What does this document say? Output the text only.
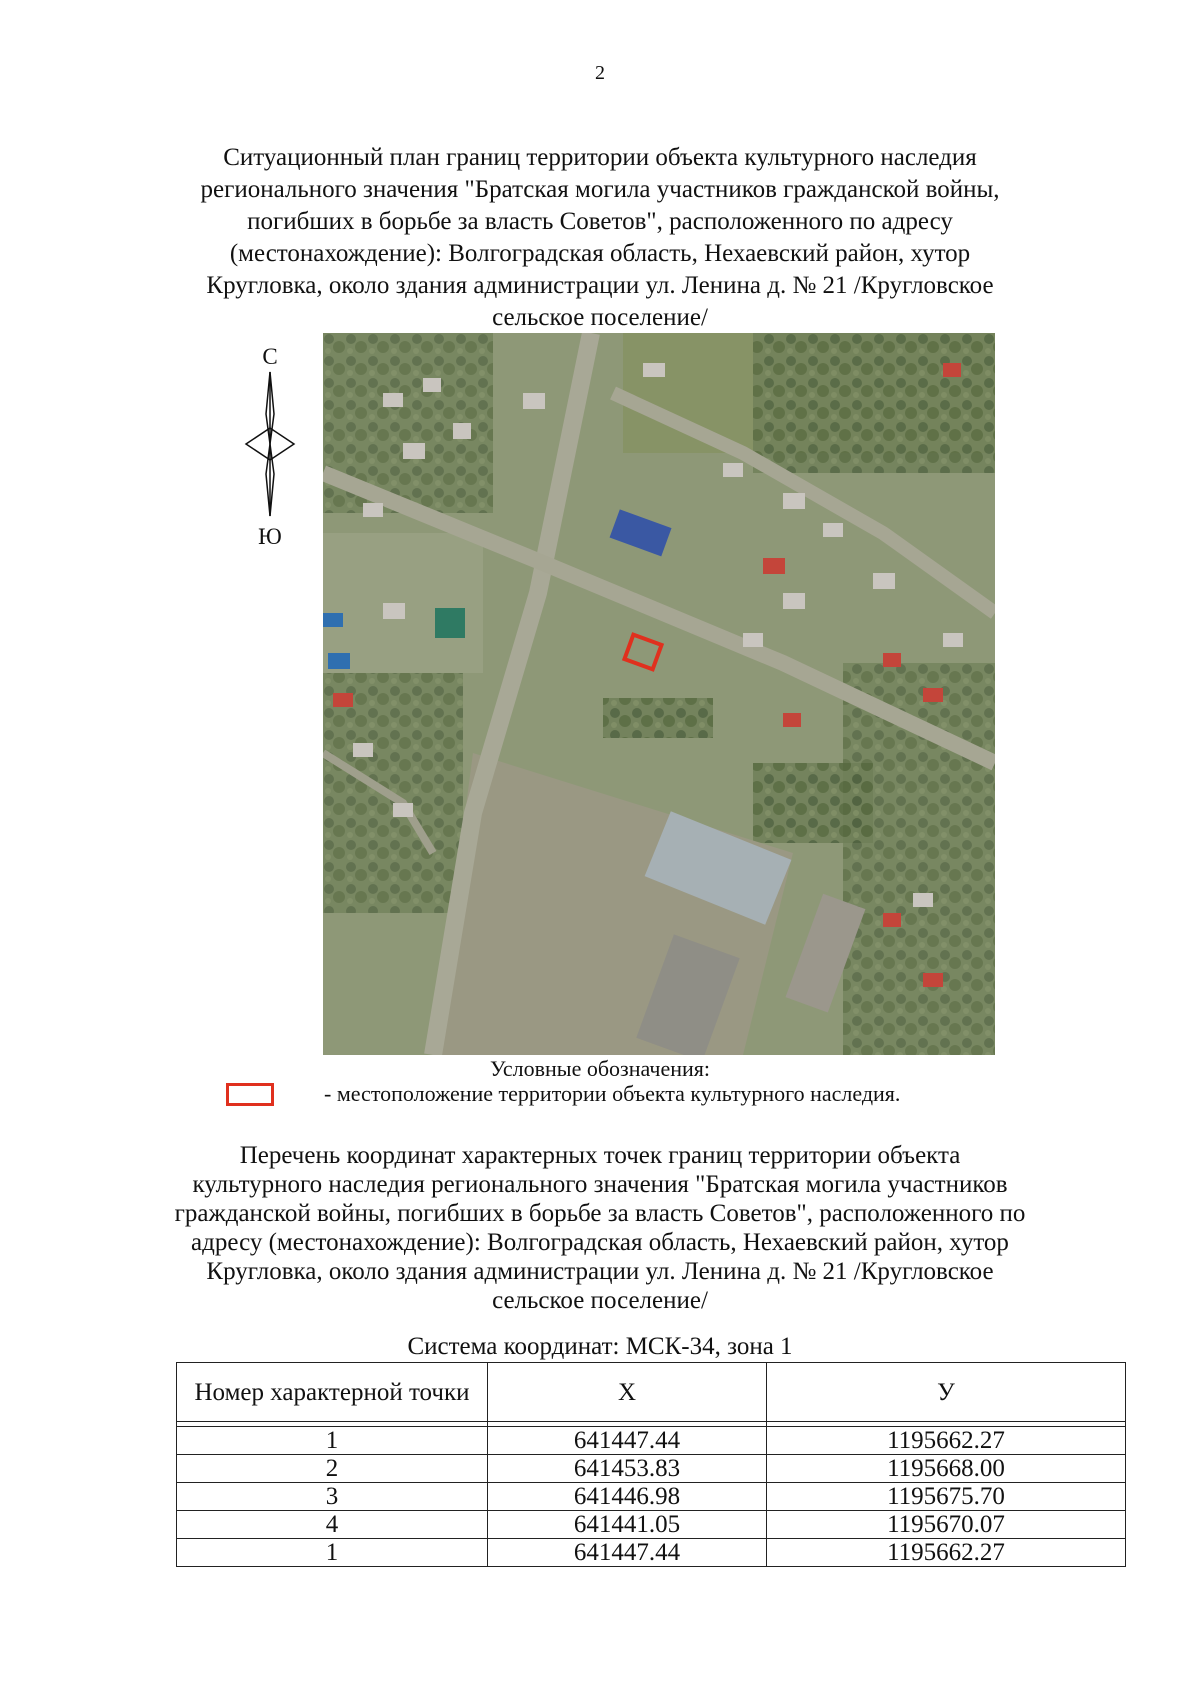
2
Ситуационный план границ территории объекта культурного наследия
регионального значения "Братская могила участников гражданской войны,
погибших в борьбе за власть Советов", расположенного по адресу
(местонахождение): Волгоградская область, Нехаевский район, хутор
Кругловка, около здания администрации ул. Ленина д. № 21 /Кругловское
сельское поселение/
С
Ю
Условные обозначения:
- местоположение территории объекта культурного наследия.
Перечень координат характерных точек границ территории объекта
культурного наследия регионального значения "Братская могила участников
гражданской войны, погибших в борьбе за власть Советов", расположенного по
адресу (местонахождение): Волгоградская область, Нехаевский район, хутор
Кругловка, около здания администрации ул. Ленина д. № 21 /Кругловское
сельское поселение/
Система координат: МСК-34, зона 1
Номер характерной точки	X	У

1	641447.44	1195662.27
2	641453.83	1195668.00
3	641446.98	1195675.70
4	641441.05	1195670.07
1	641447.44	1195662.27
